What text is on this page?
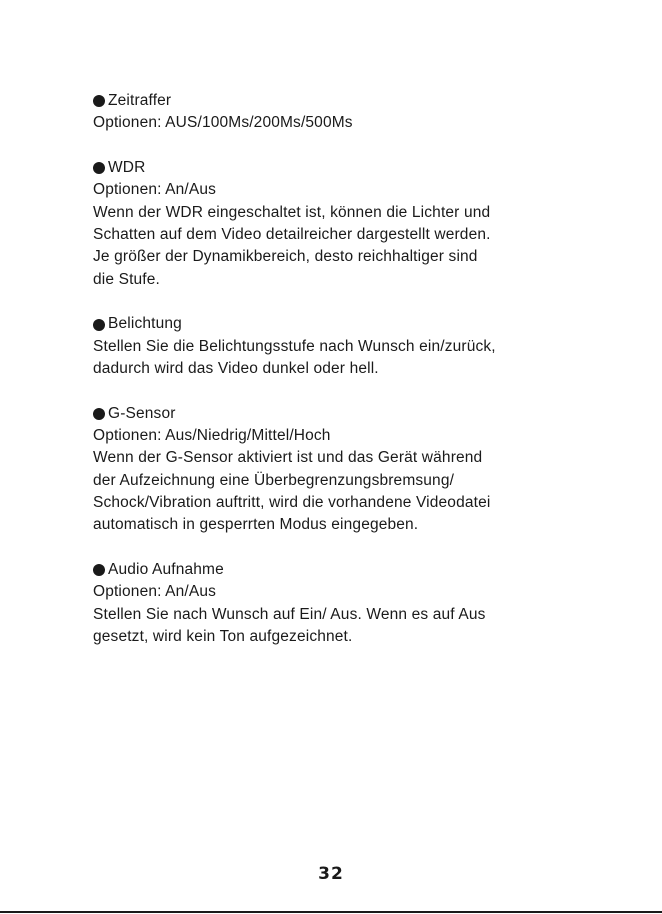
Zeitraffer
Optionen: AUS/100Ms/200Ms/500Ms
WDR
Optionen: An/Aus
Wenn der WDR eingeschaltet ist, können die Lichter und
Schatten auf dem Video detailreicher dargestellt werden.
Je größer der Dynamikbereich, desto reichhaltiger sind
die Stufe.
Belichtung
Stellen Sie die Belichtungsstufe nach Wunsch ein/zurück,
dadurch wird das Video dunkel oder hell.
G-Sensor
Optionen: Aus/Niedrig/Mittel/Hoch
Wenn der G-Sensor aktiviert ist und das Gerät während
der Aufzeichnung eine Überbegrenzungsbremsung/
Schock/Vibration auftritt, wird die vorhandene Videodatei
automatisch in gesperrten Modus eingegeben.
Audio Aufnahme
Optionen: An/Aus
Stellen Sie nach Wunsch auf Ein/ Aus. Wenn es auf Aus
gesetzt, wird kein Ton aufgezeichnet.
32
